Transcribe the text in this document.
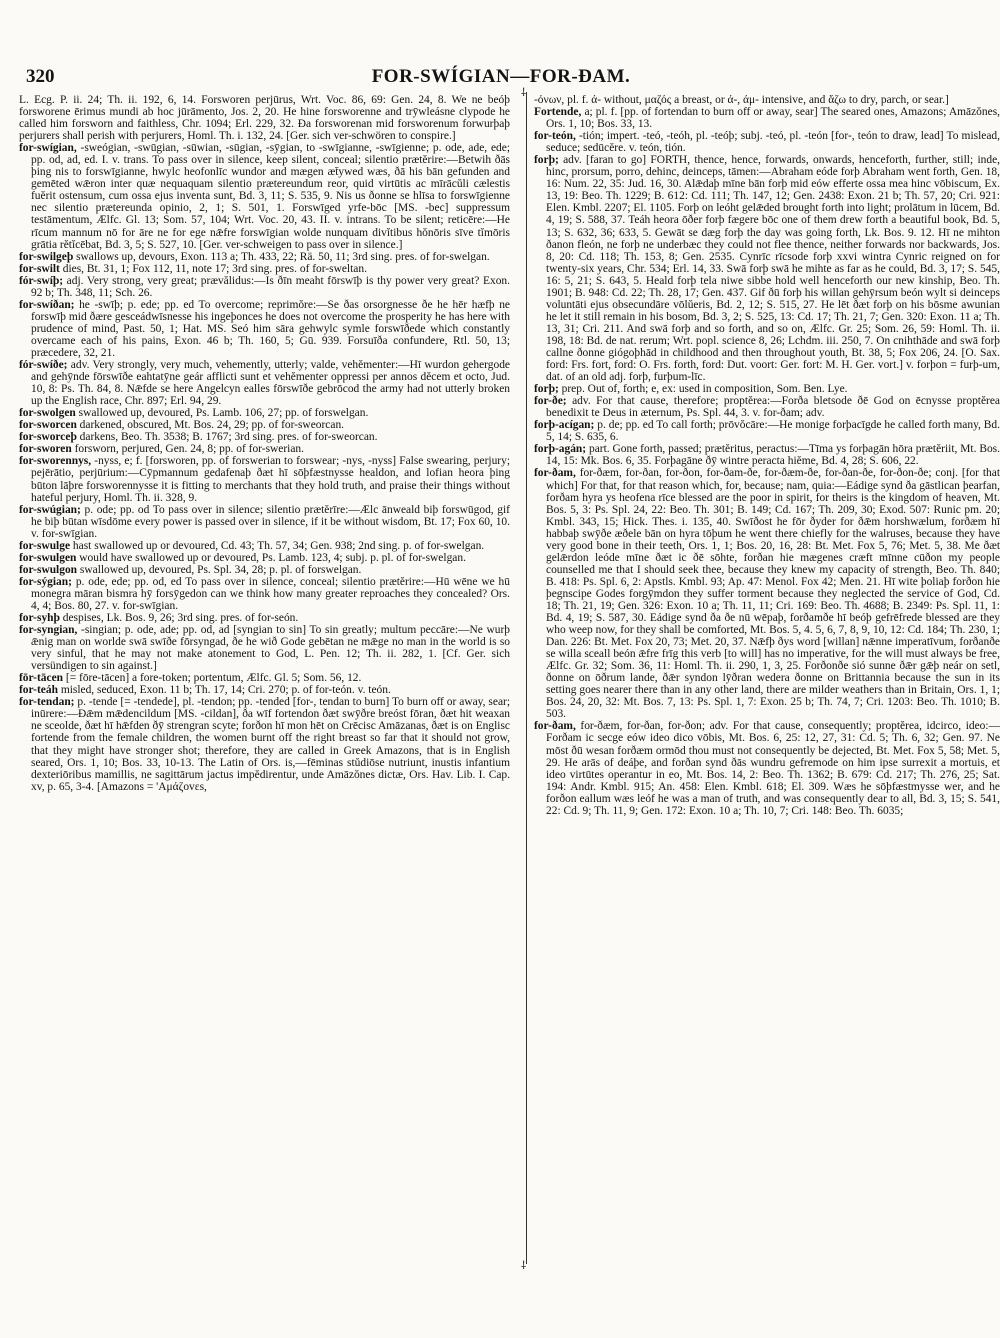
320	FOR-SWÍGIAN—FOR-ÐAM.
⸸
⸸

L. Ecg. P. ii. 24; Th. ii. 192, 6, 14. Forsworen perjūrus, Wrt. Voc. 86, 69: Gen. 24, 8. We ne beóþ forsworene ērimus mundi ab hoc jūrāmento, Jos. 2, 20. He hine forsworenne and trȳwleásne clypode he called him forsworn and faithless, Chr. 1094; Erl. 229, 32. Ða forsworenan mid forsworenum forwurþaþ perjurers shall perish with perjurers, Homl. Th. i. 132, 24. [Ger. sich ver-schwören to conspire.]

for-swígian, -sweógian, -swūgian, -sūwian, -sūgian, -sȳgian, to -swīgianne, -swīgienne; p. ode, ade, ede; pp. od, ad, ed. I. v. trans. To pass over in silence, keep silent, conceal; silentio prætĕrire:—Betwih ðās þing nis to forswīgianne, hwylc heofonlīc wundor and mægen æt̄ywed wæs, ðā his bān gefunden and gemēted wǣron inter quæ nequaquam silentio prætereundum reor, quid virtūtis ac mīrācŭli cælestis fuĕrit ostensum, cum ossa ejus inventa sunt, Bd. 3, 11; S. 535, 9. Nis us ðonne se hlīsa to forswīgienne nec silentio prætereunda opinio, 2, 1; S. 501, 1. Forswīged yrfe-bōc [MS. -bec] suppressum testāmentum, Ælfc. Gl. 13; Som. 57, 104; Wrt. Voc. 20, 43. II. v. intrans. To be silent; reticēre:—He rīcum mannum nō for āre ne for ege nǣfre forswīgian wolde nunquam divĭtibus hŏnōris sīve tĭmōris grātia rĕtĭcēbat, Bd. 3, 5; S. 527, 10. [Ger. ver-schweigen to pass over in silence.]

for-swilgeþ swallows up, devours, Exon. 113 a; Th. 433, 22; Rä. 50, 11; 3rd sing. pres. of for-swelgan.

for-swilt dies, Bt. 31, 1; Fox 112, 11, note 17; 3rd sing. pres. of for-sweltan.

fór-swíþ; adj. Very strong, very great; prævălidus:—Is ðīn meaht fōrswīþ is thy power very great? Exon. 92 b; Th. 348, 11; Sch. 26.

for-swíðan; he -swīþ; p. ede; pp. ed To overcome; reprimŏre:—Se ðas orsorgnesse ðe he hēr hæfþ ne forswīþ mid ðære gesceádwīsnesse his ingeþonces he does not overcome the prosperity he has here with prudence of mind, Past. 50, 1; Hat. MS. Seó him sāra gehwylc symle forswīðede which constantly overcame each of his pains, Exon. 46 b; Th. 160, 5; Gū. 939. Forsuīða confundere, Rtl. 50, 13; præcedere, 32, 21.

fór-swíðe; adv. Very strongly, very much, vehemently, utterly; valde, vehĕmenter:—Hī wurdon gehergode and gehȳnde fōrswīðe eahtatȳne geár afflicti sunt et vehĕmenter oppressi per annos dĕcem et octo, Jud. 10, 8: Ps. Th. 84, 8. Nǣfde se here Angelcyn ealles fōrswīðe gebrōcod the army had not utterly broken up the English race, Chr. 897; Erl. 94, 29.

for-swolgen swallowed up, devoured, Ps. Lamb. 106, 27; pp. of forswelgan.

for-sworcen darkened, obscured, Mt. Bos. 24, 29; pp. of for-sweorcan.

for-sworceþ darkens, Beo. Th. 3538; B. 1767; 3rd sing. pres. of for-sweorcan.

for-sworen forsworn, perjured, Gen. 24, 8; pp. of for-swerian.

for-sworennys, -nyss, e; f. [forsworen, pp. of forswerian to forswear; -nys, -nyss] False swearing, perjury; pejērātio, perjūrium:—Cȳpmannum gedafenaþ ðæt hī sōþfæstnysse healdon, and lofian heora þing būton lāþre forsworennysse it is fitting to merchants that they hold truth, and praise their things without hateful perjury, Homl. Th. ii. 328, 9.

for-swúgian; p. ode; pp. od To pass over in silence; silentio prætĕrīre:—Ælc ānweald biþ forswūgod, gif he biþ būtan wīsdōme every power is passed over in silence, if it be without wisdom, Bt. 17; Fox 60, 10. v. for-swīgian.

for-swulge hast swallowed up or devoured, Cd. 43; Th. 57, 34; Gen. 938; 2nd sing. p. of for-swelgan.

for-swulgen would have swallowed up or devoured, Ps. Lamb. 123, 4; subj. p. pl. of for-swelgan.

for-swulgon swallowed up, devoured, Ps. Spl. 34, 28; p. pl. of forswelgan.

for-sýgian; p. ode, ede; pp. od, ed To pass over in silence, conceal; silentio prætĕrire:—Hū wēne we hū monegra māran bismra hȳ forsȳgedon can we think how many greater reproaches they concealed? Ors. 4, 4; Bos. 80, 27. v. for-swīgian.

for-syhþ despises, Lk. Bos. 9, 26; 3rd sing. pres. of for-seón.

for-syngian, -singian; p. ode, ade; pp. od, ad [syngian to sin] To sin greatly; multum peccāre:—Ne wurþ ǣnig man on worlde swā swīðe fōrsyngad, ðe he wið Gode gebētan ne mǣge no man in the world is so very sinful, that he may not make atonement to God, L. Pen. 12; Th. ii. 282, 1. [Cf. Ger. sich versündigen to sin against.]

fōr-tācen [= fōre-tācen] a fore-token; portentum, Ælfc. Gl. 5; Som. 56, 12.

for-teáh misled, seduced, Exon. 11 b; Th. 17, 14; Cri. 270; p. of for-teón. v. teón.

for-tendan; p. -tende [= -tendede], pl. -tendon; pp. -tended [for-, tendan to burn] To burn off or away, sear; inūrere:—Ðǣm mǣdencildum [MS. -cildan], ða wīf fortendon ðæt swȳðre breóst fōran, ðæt hit weaxan ne sceolde, ðæt hī hǣfden ðȳ strengran scyte; forðon hī mon hēt on Crēcisc Amāzanas, ðæt is on Englisc fortende from the female children, the women burnt off the right breast so far that it should not grow, that they might have stronger shot; therefore, they are called in Greek Amazons, that is in English seared, Ors. 1, 10; Bos. 33, 10-13. The Latin of Ors. is,—fēminas stŭdiōse nutriunt, inustis infantium dexteriōribus mamillis, ne sagittārum jactus impĕdirentur, unde Amāzŏnes dictæ, Ors. Hav. Lib. I. Cap. xv, p. 65, 3-4. [Amazons = 'Aμάζovεs,

-όνων, pl. f. ά- without, μαζός a breast, or ά-, άμ- intensive, and ἅζω to dry, parch, or sear.]

Fortende, a; pl. f. [pp. of fortendan to burn off or away, sear] The seared ones, Amazons; Amāzŏnes, Ors. 1, 10; Bos. 33, 13.

for-teón, -tión; impert. -teó, -teóh, pl. -teóþ; subj. -teó, pl. -teón [for-, teón to draw, lead] To mislead, seduce; sedūcĕre. v. teón, tión.

forþ; adv. [faran to go] FORTH, thence, hence, forwards, onwards, henceforth, further, still; inde, hinc, prorsum, porro, dehinc, deinceps, tāmen:—Abraham eóde forþ Abraham went forth, Gen. 18, 16: Num. 22, 35: Jud. 16, 30. Alǣdaþ mīne bān forþ mid eów efferte ossa mea hinc vōbiscum, Ex. 13, 19: Beo. Th. 1229; B. 612: Cd. 111; Th. 147, 12; Gen. 2438: Exon. 21 b; Th. 57, 20; Cri. 921: Elen. Kmbl. 2207; El. 1105. Forþ on leóht gelǣded brought forth into light; prolātum in lūcem, Bd. 4, 19; S. 588, 37. Teáh heora ōðer forþ fægere bōc one of them drew forth a beautiful book, Bd. 5, 13; S. 632, 36; 633, 5. Gewāt se dæg forþ the day was going forth, Lk. Bos. 9. 12. Hī ne mihton ðanon fleón, ne forþ ne underbæc they could not flee thence, neither forwards nor backwards, Jos. 8, 20: Cd. 118; Th. 153, 8; Gen. 2535. Cynrīc rīcsode forþ xxvi wintra Cynric reigned on for twenty-six years, Chr. 534; Erl. 14, 33. Swā forþ swā he mihte as far as he could, Bd. 3, 17; S. 545, 16: 5, 21; S. 643, 5. Heald forþ tela niwe sibbe hold well henceforth our new kinship, Beo. Th. 1901; B. 948: Cd. 22; Th. 28, 17; Gen. 437. Gif ðū forþ his willan gehȳrsum beón wylt si deinceps voluntāti ejus obsecundāre vōlŭeris, Bd. 2, 12; S. 515, 27. He lēt ðæt forþ on his bōsme awunian he let it still remain in his bosom, Bd. 3, 2; S. 525, 13: Cd. 17; Th. 21, 7; Gen. 320: Exon. 11 a; Th. 13, 31; Cri. 211. And swā forþ and so forth, and so on, Ælfc. Gr. 25; Som. 26, 59: Homl. Th. ii. 198, 18: Bd. de nat. rerum; Wrt. popl. science 8, 26; Lchdm. iii. 250, 7. On cnihthāde and swā forþ callne ðonne giógoþhād in childhood and then throughout youth, Bt. 38, 5; Fox 206, 24. [O. Sax. ford: Frs. fort, ford: O. Frs. forth, ford: Dut. voort: Ger. fort: M. H. Ger. vort.] v. forþon = furþ-um, dat. of an old adj. forþ, furþum-līc.

forþ; prep. Out of, forth; e, ex: used in composition, Som. Ben. Lye.

for-ðe; adv. For that cause, therefore; proptĕrea:—Forða bletsode ðē God on ēcnysse proptĕrea benedixit te Deus in æternum, Ps. Spl. 44, 3. v. for-ðam; adv.

forþ-acígan; p. de; pp. ed To call forth; prōvŏcāre:—He monige forþacīgde he called forth many, Bd. 5, 14; S. 635, 6.

forþ-agán; part. Gone forth, passed; prætĕritus, peractus:—Tīma ys forþagān hōra prætĕriit, Mt. Bos. 14, 15: Mk. Bos. 6, 35. Forþagāne ðȳ wintre peracta hiĕme, Bd. 4, 28; S. 606, 22.

for-ðam, for-ðæm, for-ðan, for-ðon, for-ðam-ðe, for-ðæm-ðe, for-ðan-ðe, for-ðon-ðe; conj. [for that which] For that, for that reason which, for, because; nam, quia:—Eádige synd ða gāstlican þearfan, forðam hyra ys heofena rīce blessed are the poor in spirit, for theirs is the kingdom of heaven, Mt. Bos. 5, 3: Ps. Spl. 24, 22: Beo. Th. 301; B. 149; Cd. 167; Th. 209, 30; Exod. 507: Runic pm. 20; Kmbl. 343, 15; Hick. Thes. i. 135, 40. Swīðost he fōr ðyder for ðǣm horshwælum, forðæm hī habbaþ swȳðe æðele bān on hyra tōþum he went there chiefly for the walruses, because they have very good bone in their teeth, Ors. 1, 1; Bos. 20, 16, 28: Bt. Met. Fox 5, 76; Met. 5, 38. Me ðæt gelǣrdon leóde mīne ðæt ic ðē sōhte, forðan hie mægenes cræft mīnne cūðon my people counselled me that I should seek thee, because they knew my capacity of strength, Beo. Th. 840; B. 418: Ps. Spl. 6, 2: Apstls. Kmbl. 93; Ap. 47: Menol. Fox 42; Men. 21. Hī wite þoliaþ forðon hie þegnscipe Godes forgȳmdon they suffer torment because they neglected the service of God, Cd. 18; Th. 21, 19; Gen. 326: Exon. 10 a; Th. 11, 11; Cri. 169: Beo. Th. 4688; B. 2349: Ps. Spl. 11, 1: Bd. 4, 19; S. 587, 30. Eádige synd ða ðe nū wēpaþ, forðamðe hī beóþ gefrēfrede blessed are they who weep now, for they shall be comforted, Mt. Bos. 5, 4. 5, 6, 7, 8, 9, 10, 12: Cd. 184; Th. 230, 1; Dan. 226: Bt. Met. Fox 20, 73; Met. 20, 37. Nǣfþ ðys word [willan] nǣnne imperatīvum, forðanðe se willa sceall beón ǣfre frīg this verb [to will] has no imperative, for the will must always be free, Ælfc. Gr. 32; Som. 36, 11: Homl. Th. ii. 290, 1, 3, 25. Forðonðe sió sunne ðǣr gǣþ neár on setl, ðonne on ōðrum lande, ðǣr syndon lȳðran wedera ðonne on Brittannia because the sun in its setting goes nearer there than in any other land, there are milder weathers than in Britain, Ors. 1, 1; Bos. 24, 20, 32: Mt. Bos. 7, 13: Ps. Spl. 1, 7: Exon. 25 b; Th. 74, 7; Cri. 1203: Beo. Th. 1010; B. 503.

for-ðam, for-ðæm, for-ðan, for-ðon; adv. For that cause, consequently; proptĕrea, idcirco, ideo:—Forðam ic secge eów ideo dico vōbis, Mt. Bos. 6, 25: 12, 27, 31: Cd. 5; Th. 6, 32; Gen. 97. Ne mōst ðū wesan forðæm ormōd thou must not consequently be dejected, Bt. Met. Fox 5, 58; Met. 5, 29. He arās of deáþe, and forðan synd ðās wundru gefremode on him ipse surrexit a mortuis, et ideo virtūtes operantur in eo, Mt. Bos. 14, 2: Beo. Th. 1362; B. 679: Cd. 217; Th. 276, 25; Sat. 194: Andr. Kmbl. 915; An. 458: Elen. Kmbl. 618; El. 309. Wæs he sōþfæstmysse wer, and he forðon eallum wæs leóf he was a man of truth, and was consequently dear to all, Bd. 3, 15; S. 541, 22: Cd. 9; Th. 11, 9; Gen. 172: Exon. 10 a; Th. 10, 7; Cri. 148: Beo. Th. 6035;
